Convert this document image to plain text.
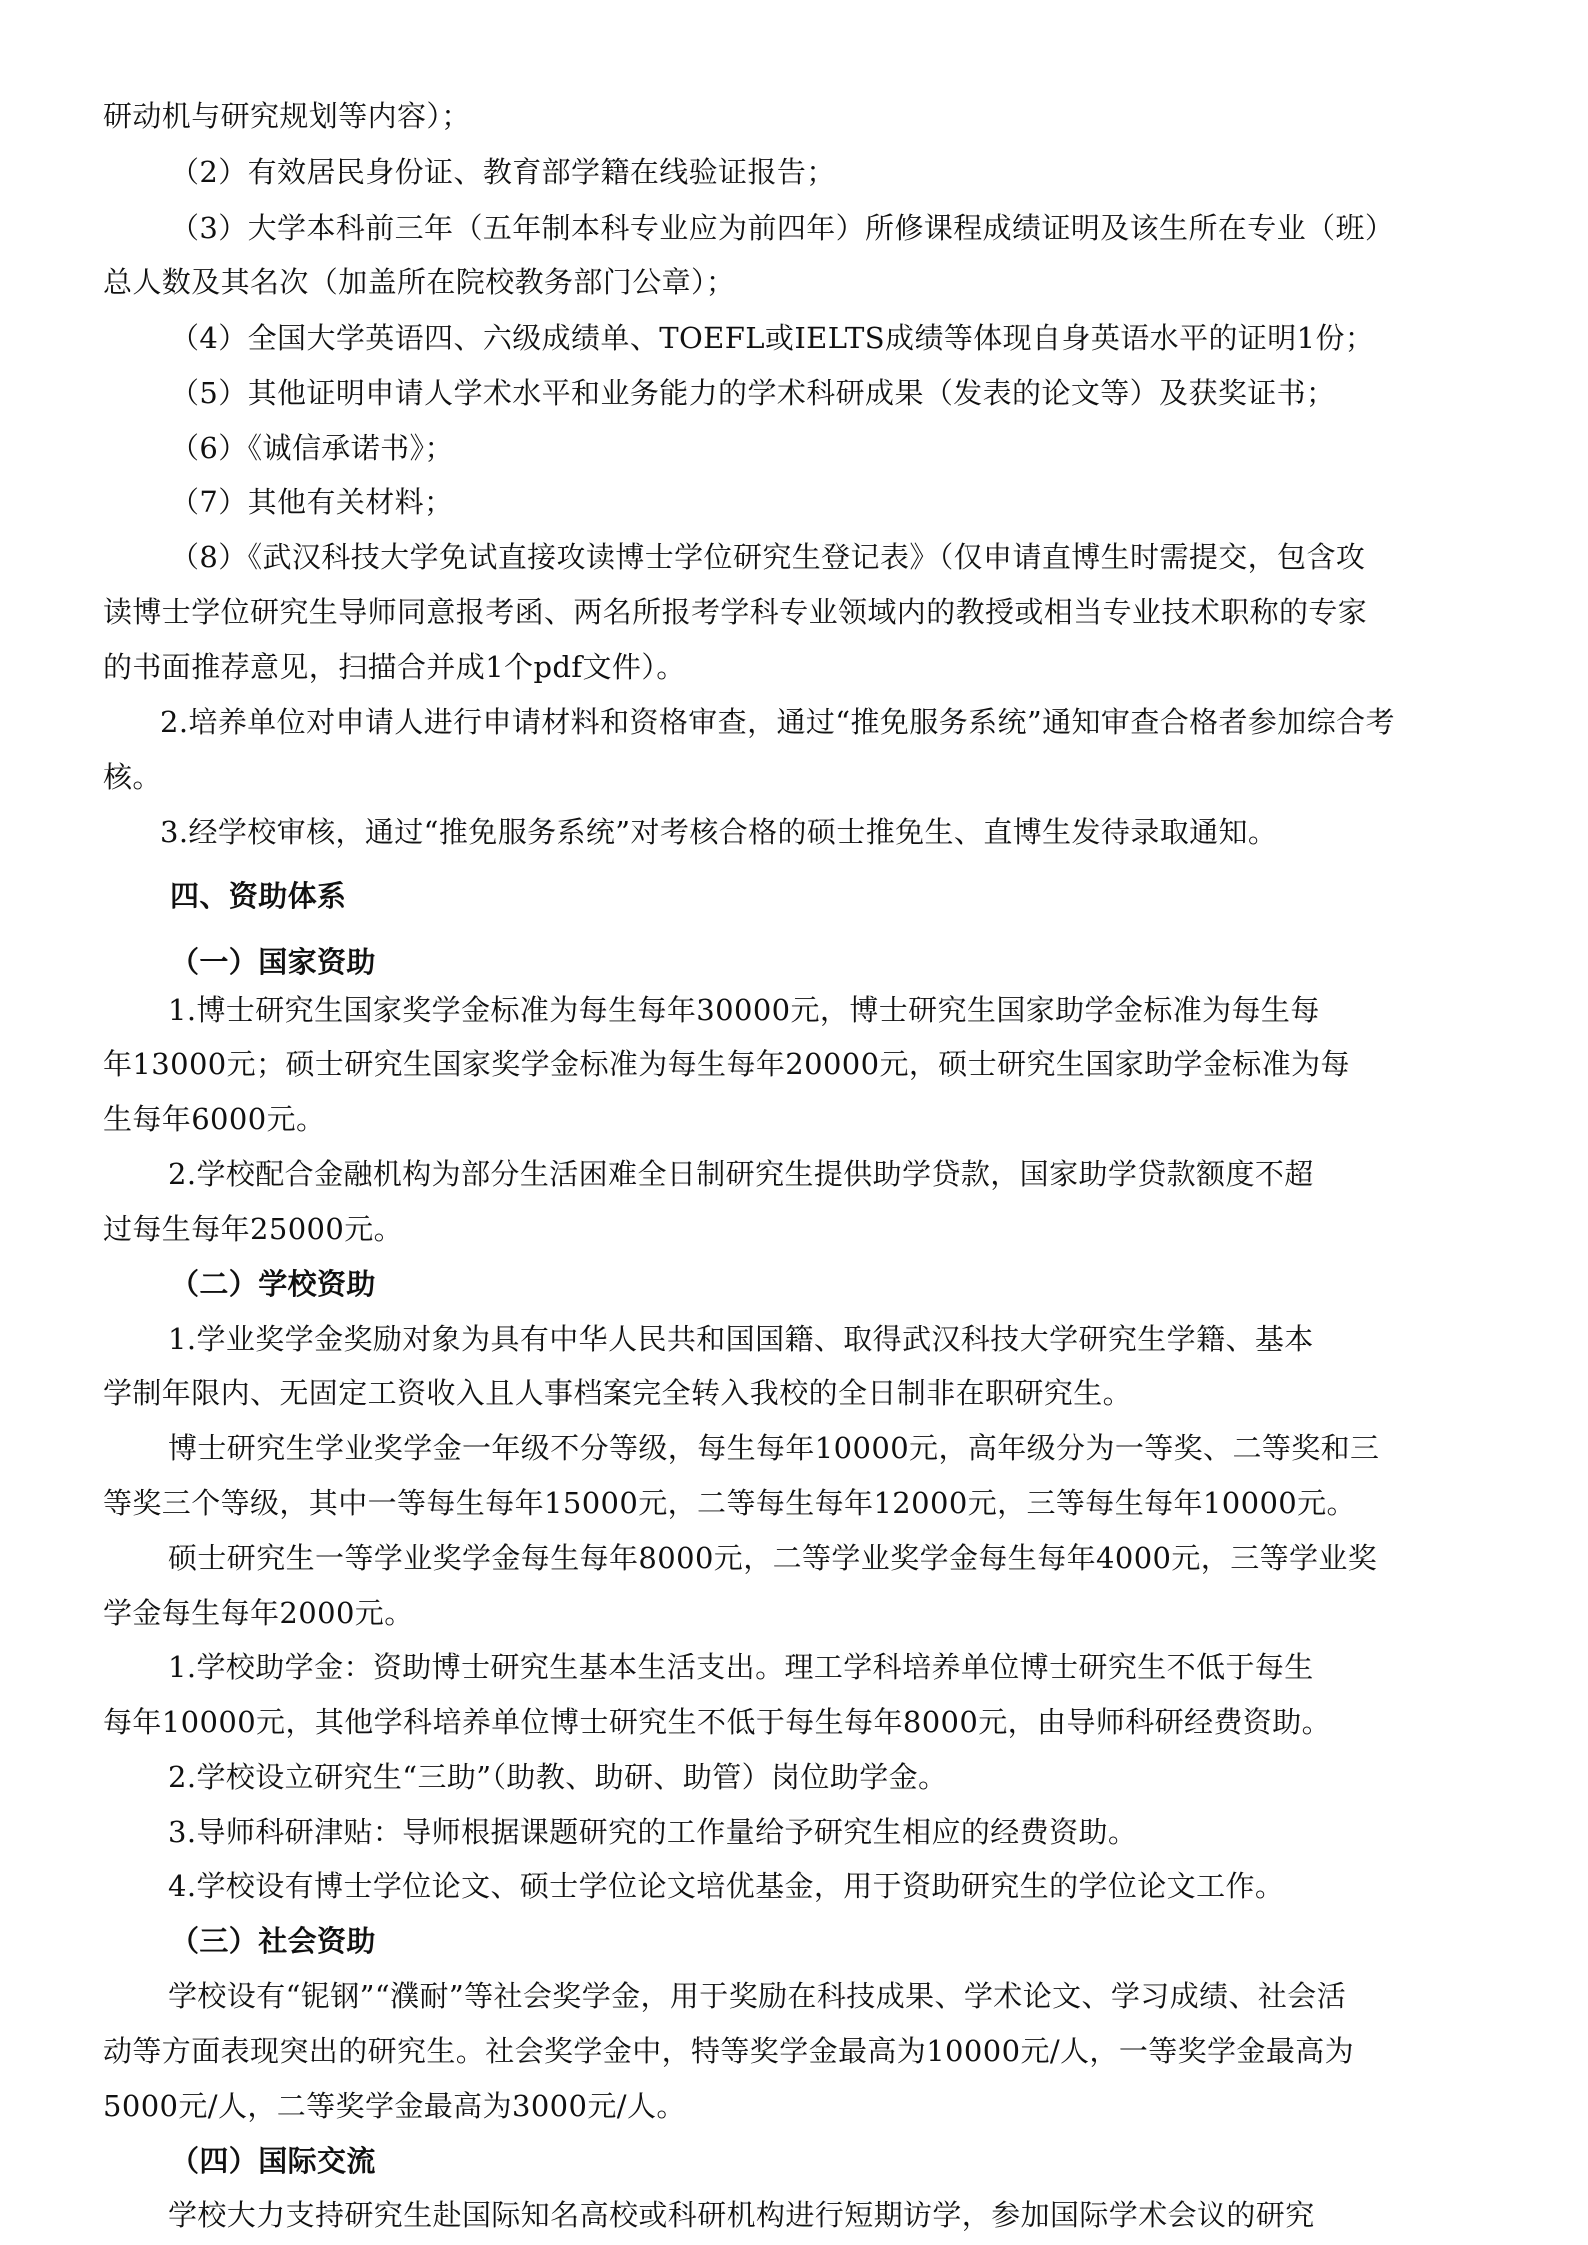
研动机与研究规划等内容）；

（2）有效居民身份证、教育部学籍在线验证报告；

（3）大学本科前三年（五年制本科专业应为前四年）所修课程成绩证明及该生所在专业（班）

总人数及其名次（加盖所在院校教务部门公章）；

（4）全国大学英语四、六级成绩单、TOEFL或IELTS成绩等体现自身英语水平的证明1份；

（5）其他证明申请人学术水平和业务能力的学术科研成果（发表的论文等）及获奖证书；

（6）《诚信承诺书》；

（7）其他有关材料；

（8）《武汉科技大学免试直接攻读博士学位研究生登记表》（仅申请直博生时需提交，包含攻

读博士学位研究生导师同意报考函、两名所报考学科专业领域内的教授或相当专业技术职称的专家

的书面推荐意见，扫描合并成1个pdf文件）。

2.培养单位对申请人进行申请材料和资格审查，通过“推免服务系统”通知审查合格者参加综合考

核。

3.经学校审核，通过“推免服务系统”对考核合格的硕士推免生、直博生发待录取通知。

四、资助体系

（一）国家资助

1.博士研究生国家奖学金标准为每生每年30000元，博士研究生国家助学金标准为每生每

年13000元；硕士研究生国家奖学金标准为每生每年20000元，硕士研究生国家助学金标准为每

生每年6000元。

2.学校配合金融机构为部分生活困难全日制研究生提供助学贷款，国家助学贷款额度不超

过每生每年25000元。

（二）学校资助

1.学业奖学金奖励对象为具有中华人民共和国国籍、取得武汉科技大学研究生学籍、基本

学制年限内、无固定工资收入且人事档案完全转入我校的全日制非在职研究生。

博士研究生学业奖学金一年级不分等级，每生每年10000元，高年级分为一等奖、二等奖和三

等奖三个等级，其中一等每生每年15000元，二等每生每年12000元，三等每生每年10000元。

硕士研究生一等学业奖学金每生每年8000元，二等学业奖学金每生每年4000元，三等学业奖

学金每生每年2000元。

1.学校助学金：资助博士研究生基本生活支出。理工学科培养单位博士研究生不低于每生

每年10000元，其他学科培养单位博士研究生不低于每生每年8000元，由导师科研经费资助。

2.学校设立研究生“三助”（助教、助研、助管）岗位助学金。

3.导师科研津贴：导师根据课题研究的工作量给予研究生相应的经费资助。

4.学校设有博士学位论文、硕士学位论文培优基金，用于资助研究生的学位论文工作。

（三）社会资助

学校设有“铌钢”“濮耐”等社会奖学金，用于奖励在科技成果、学术论文、学习成绩、社会活

动等方面表现突出的研究生。社会奖学金中，特等奖学金最高为10000元/人，一等奖学金最高为

5000元/人，二等奖学金最高为3000元/人。

（四）国际交流

学校大力支持研究生赴国际知名高校或科研机构进行短期访学，参加国际学术会议的研究
